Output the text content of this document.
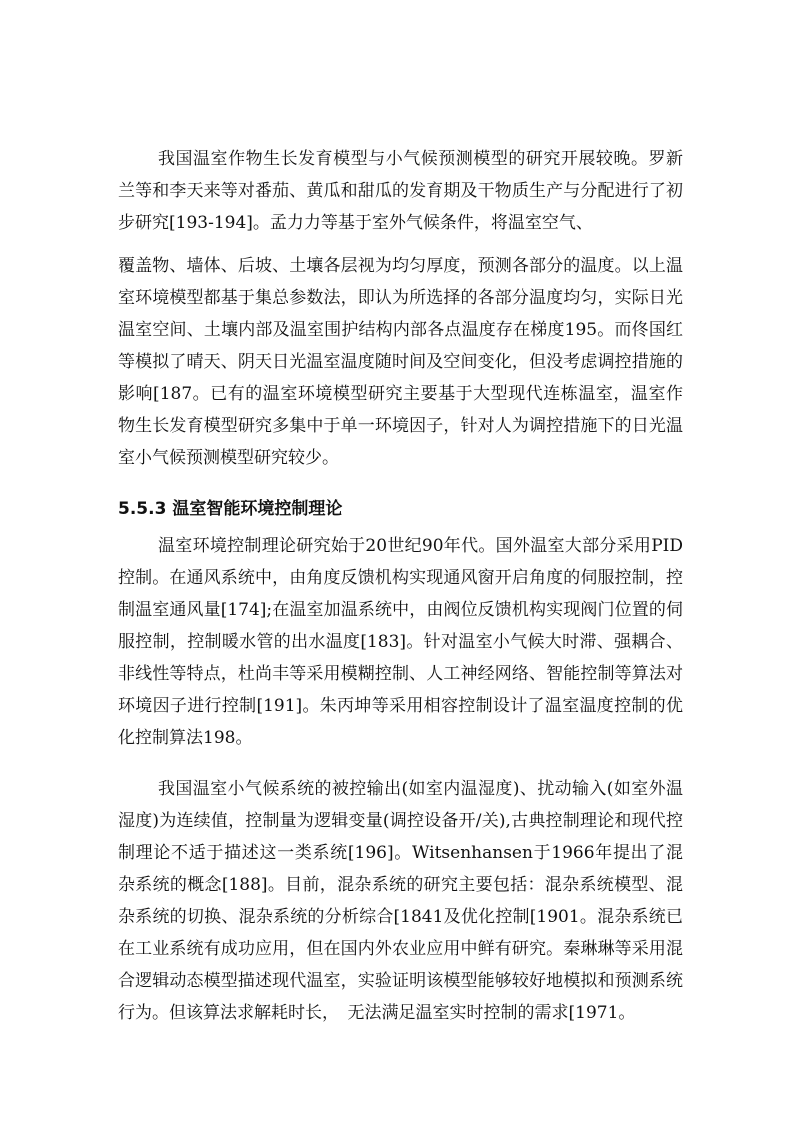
我国温室作物生长发育模型与小气候预测模型的研究开展较晚。罗新兰等和李天来等对番茄、黄瓜和甜瓜的发育期及干物质生产与分配进行了初步研究[193-194]。孟力力等基于室外气候条件，将温室空气、

覆盖物、墙体、后坡、土壤各层视为均匀厚度，预测各部分的温度。以上温室环境模型都基于集总参数法，即认为所选择的各部分温度均匀，实际日光温室空间、土壤内部及温室围护结构内部各点温度存在梯度195。而佟国红等模拟了晴天、阴天日光温室温度随时间及空间变化，但没考虑调控措施的影响[187。已有的温室环境模型研究主要基于大型现代连栋温室，温室作物生长发育模型研究多集中于单一环境因子，针对人为调控措施下的日光温室小气候预测模型研究较少。

5.5.3 温室智能环境控制理论

温室环境控制理论研究始于20世纪90年代。国外温室大部分采用PID控制。在通风系统中，由角度反馈机构实现通风窗开启角度的伺服控制，控制温室通风量[174];在温室加温系统中，由阀位反馈机构实现阀门位置的伺服控制，控制暖水管的出水温度[183]。针对温室小气候大时滞、强耦合、非线性等特点，杜尚丰等采用模糊控制、人工神经网络、智能控制等算法对环境因子进行控制[191]。朱丙坤等采用相容控制设计了温室温度控制的优化控制算法198。

我国温室小气候系统的被控输出(如室内温湿度)、扰动输入(如室外温湿度)为连续值，控制量为逻辑变量(调控设备开/关),古典控制理论和现代控制理论不适于描述这一类系统[196]。Witsenhansen于1966年提出了混杂系统的概念[188]。目前，混杂系统的研究主要包括：混杂系统模型、混杂系统的切换、混杂系统的分析综合[1841及优化控制[1901。混杂系统已在工业系统有成功应用，但在国内外农业应用中鲜有研究。秦琳琳等采用混合逻辑动态模型描述现代温室，实验证明该模型能够较好地模拟和预测系统行为。但该算法求解耗时长，　无法满足温室实时控制的需求[1971。
